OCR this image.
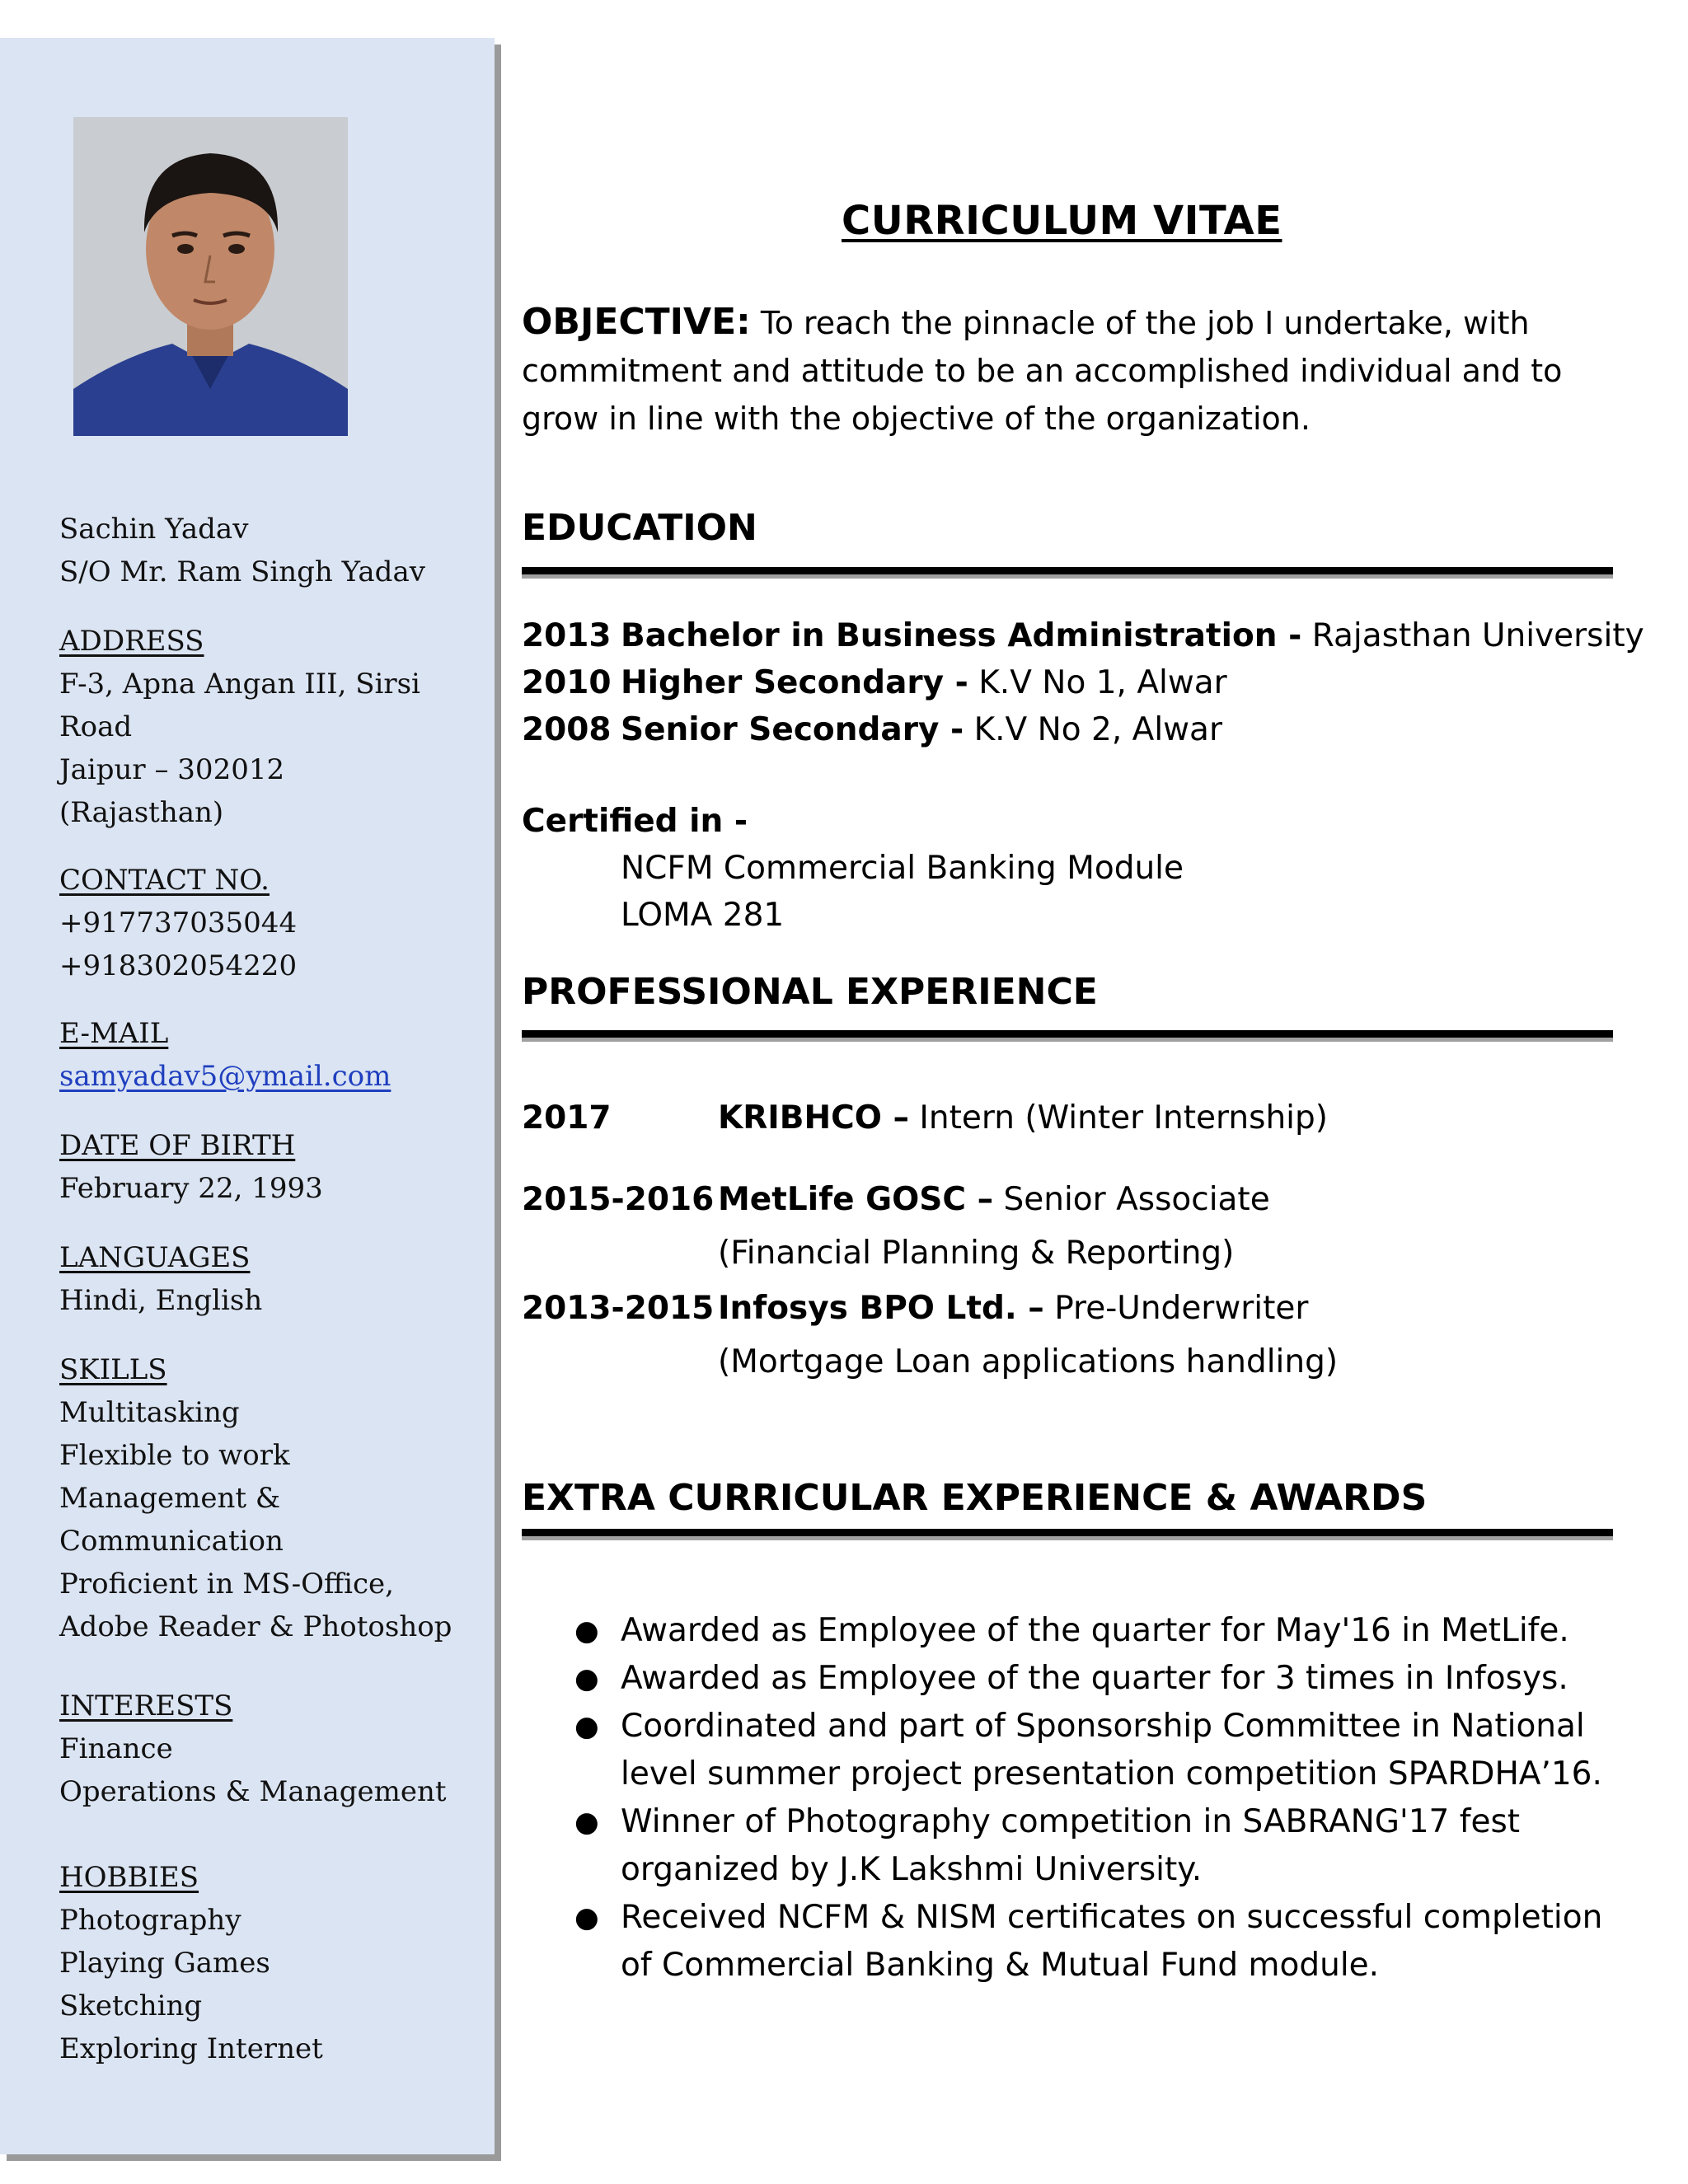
Sachin Yadav
S/O Mr. Ram Singh Yadav
ADDRESS
F-3, Apna Angan III, Sirsi
Road
Jaipur – 302012
(Rajasthan)
CONTACT NO.
+917737035044
+918302054220
E-MAIL
samyadav5@ymail.com
DATE OF BIRTH
February 22, 1993
LANGUAGES
Hindi, English
SKILLS
Multitasking
Flexible to work
Management &
Communication
Proficient in MS-Office,
Adobe Reader & Photoshop
INTERESTS
Finance
Operations & Management
HOBBIES
Photography
Playing Games
Sketching
Exploring Internet
CURRICULUM VITAE
OBJECTIVE: To reach the pinnacle of the job I undertake, with commitment and attitude to be an accomplished individual and to grow in line with the objective of the organization.
EDUCATION
2013 Bachelor in Business Administration - Rajasthan University
2010 Higher Secondary - K.V No 1, Alwar
2008 Senior Secondary - K.V No 2, Alwar
Certified in -
NCFM Commercial Banking Module
LOMA 281
PROFESSIONAL EXPERIENCE
2017	KRIBHCO – Intern (Winter Internship)
2015-2016 MetLife GOSC – Senior Associate
(Financial Planning & Reporting)
2013-2015 Infosys BPO Ltd. – Pre-Underwriter
(Mortgage Loan applications handling)
EXTRA CURRICULAR EXPERIENCE & AWARDS
● Awarded as Employee of the quarter for May'16 in MetLife.
● Awarded as Employee of the quarter for 3 times in Infosys.
● Coordinated and part of Sponsorship Committee in National level summer project presentation competition SPARDHA’16.
● Winner of Photography competition in SABRANG'17 fest organized by J.K Lakshmi University.
● Received NCFM & NISM certificates on successful completion of Commercial Banking & Mutual Fund module.
